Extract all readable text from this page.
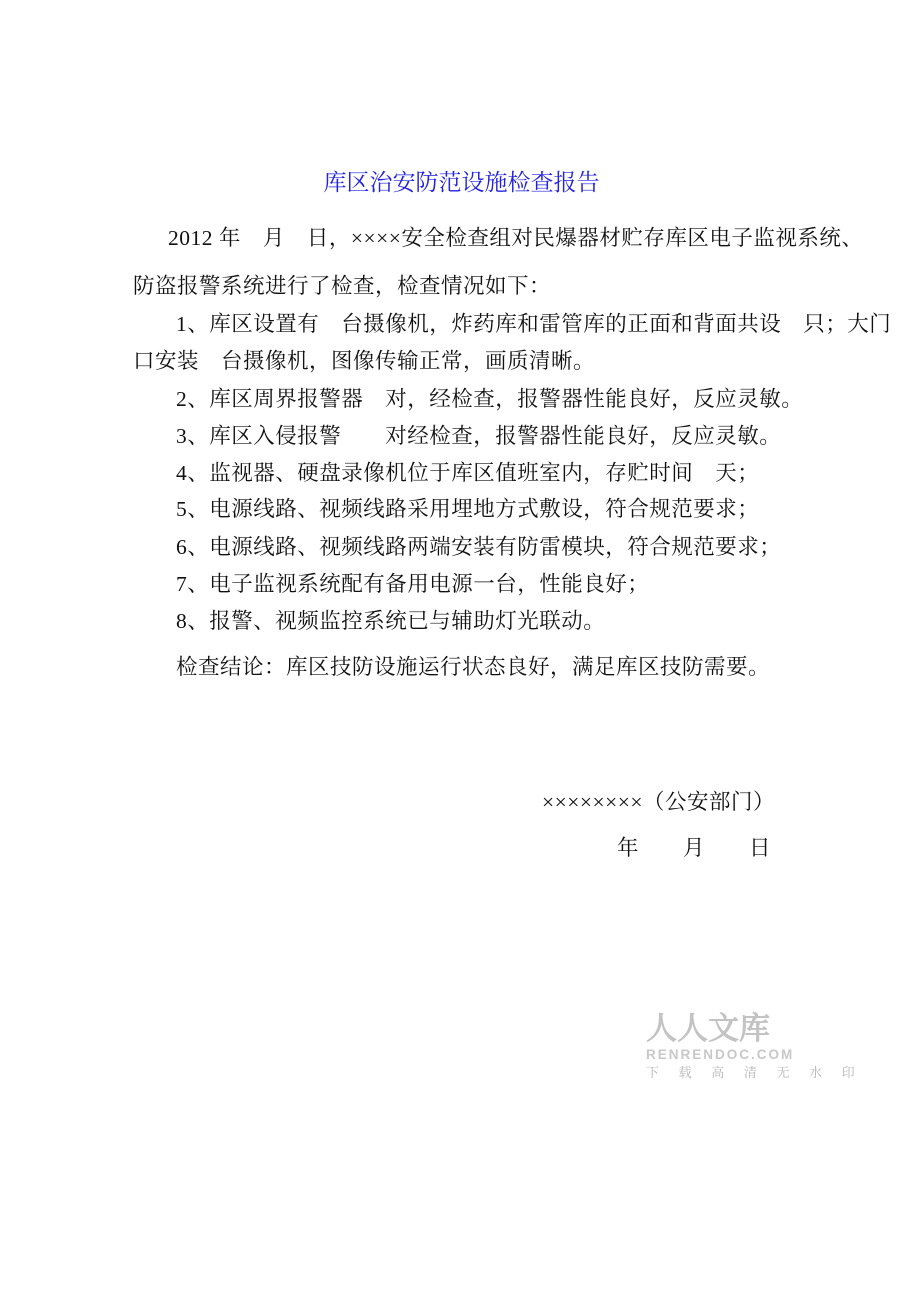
库区治安防范设施检查报告
2012 年　月　日，××××安全检查组对民爆器材贮存库区电子监视系统、
防盗报警系统进行了检查，检查情况如下：
1、库区设置有　台摄像机，炸药库和雷管库的正面和背面共设　只；大门
口安装　台摄像机，图像传输正常，画质清晰。
2、库区周界报警器　对，经检查，报警器性能良好，反应灵敏。
3、库区入侵报警　　对经检查，报警器性能良好，反应灵敏。
4、监视器、硬盘录像机位于库区值班室内，存贮时间　天；
5、电源线路、视频线路采用埋地方式敷设，符合规范要求；
6、电源线路、视频线路两端安装有防雷模块，符合规范要求；
7、电子监视系统配有备用电源一台，性能良好；
8、报警、视频监控系统已与辅助灯光联动。
检查结论：库区技防设施运行状态良好，满足库区技防需要。
××××××××（公安部门）
年　　月　　日
人人文库
RENRENDOC.COM
下 载 高 清 无 水 印
